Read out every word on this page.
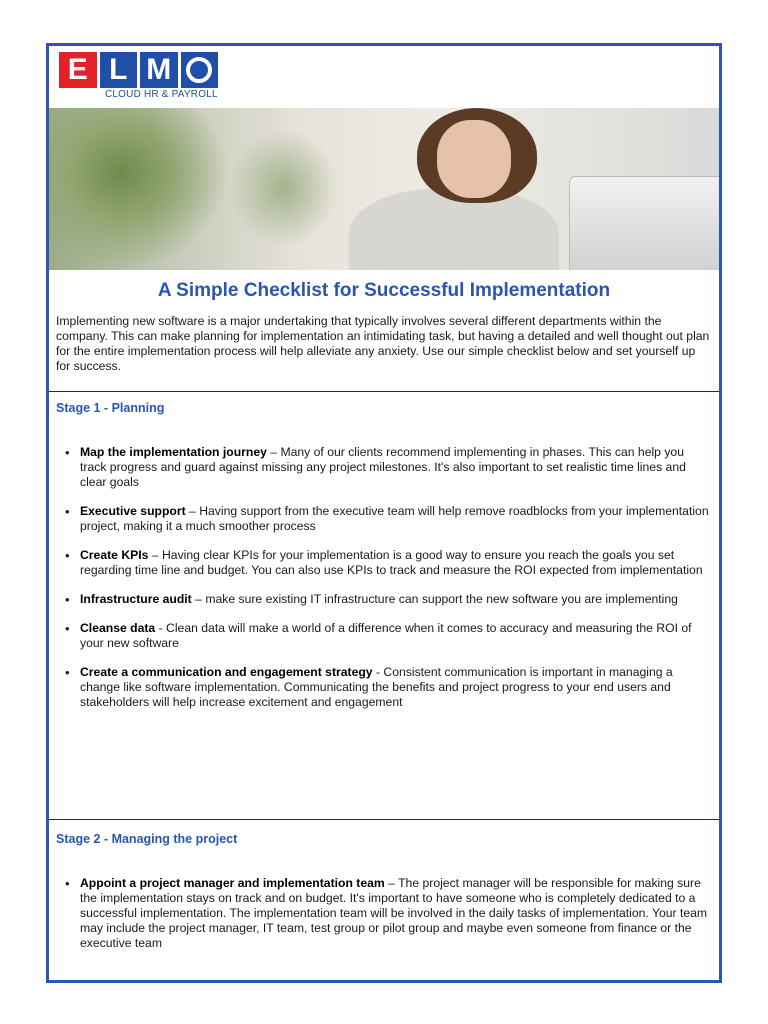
E L M
CLOUD HR & PAYROLL
A Simple Checklist for Successful Implementation

Implementing new software is a major undertaking that typically involves several different departments within the company. This can make planning for implementation an intimidating task, but having a detailed and well thought out plan for the entire implementation process will help alleviate any anxiety. Use our simple checklist below and set yourself up for success.

Stage 1 - Planning
• Map the implementation journey – Many of our clients recommend implementing in phases. This can help you track progress and guard against missing any project milestones. It's also important to set realistic time lines and clear goals
• Executive support – Having support from the executive team will help remove roadblocks from your implementation project, making it a much smoother process
• Create KPIs – Having clear KPIs for your implementation is a good way to ensure you reach the goals you set regarding time line and budget. You can also use KPIs to track and measure the ROI expected from implementation
• Infrastructure audit – make sure existing IT infrastructure can support the new software you are implementing
• Cleanse data - Clean data will make a world of a difference when it comes to accuracy and measuring the ROI of your new software
• Create a communication and engagement strategy - Consistent communication is important in managing a change like software implementation. Communicating the benefits and project progress to your end users and stakeholders will help increase excitement and engagement
Stage 2 - Managing the project
• Appoint a project manager and implementation team – The project manager will be responsible for making sure the implementation stays on track and on budget. It's important to have someone who is completely dedicated to a successful implementation. The implementation team will be involved in the daily tasks of implementation. Your team may include the project manager, IT team, test group or pilot group and maybe even someone from finance or the executive team
